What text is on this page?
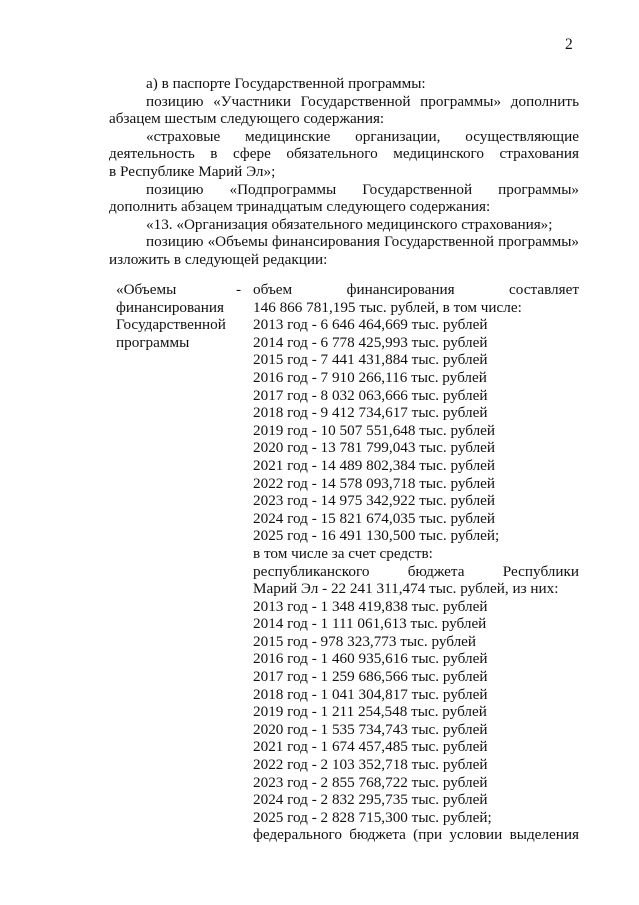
2
а) в паспорте Государственной программы:
позицию «Участники Государственной программы» дополнить
абзацем шестым следующего содержания:
«страховые медицинские организации, осуществляющие
деятельность в сфере обязательного медицинского страхования
в Республике Марий Эл»;
позицию «Подпрограммы Государственной программы»
дополнить абзацем тринадцатым следующего содержания:
«13. «Организация обязательного медицинского страхования»;
позицию «Объемы финансирования Государственной программы»
изложить в следующей редакции:
«Объемы
финансирования
Государственной
программы
- объем финансирования составляет
146 866 781,195 тыс. рублей, в том числе:
2013 год - 6 646 464,669 тыс. рублей
2014 год - 6 778 425,993 тыс. рублей
2015 год - 7 441 431,884 тыс. рублей
2016 год - 7 910 266,116 тыс. рублей
2017 год - 8 032 063,666 тыс. рублей
2018 год - 9 412 734,617 тыс. рублей
2019 год - 10 507 551,648 тыс. рублей
2020 год - 13 781 799,043 тыс. рублей
2021 год - 14 489 802,384 тыс. рублей
2022 год - 14 578 093,718 тыс. рублей
2023 год - 14 975 342,922 тыс. рублей
2024 год - 15 821 674,035 тыс. рублей
2025 год - 16 491 130,500 тыс. рублей;
в том числе за счет средств:
республиканского бюджета Республики
Марий Эл - 22 241 311,474 тыс. рублей, из них:
2013 год - 1 348 419,838 тыс. рублей
2014 год - 1 111 061,613 тыс. рублей
2015 год - 978 323,773 тыс. рублей
2016 год - 1 460 935,616 тыс. рублей
2017 год - 1 259 686,566 тыс. рублей
2018 год - 1 041 304,817 тыс. рублей
2019 год - 1 211 254,548 тыс. рублей
2020 год - 1 535 734,743 тыс. рублей
2021 год - 1 674 457,485 тыс. рублей
2022 год - 2 103 352,718 тыс. рублей
2023 год - 2 855 768,722 тыс. рублей
2024 год - 2 832 295,735 тыс. рублей
2025 год - 2 828 715,300 тыс. рублей;
федерального бюджета (при условии выделения
